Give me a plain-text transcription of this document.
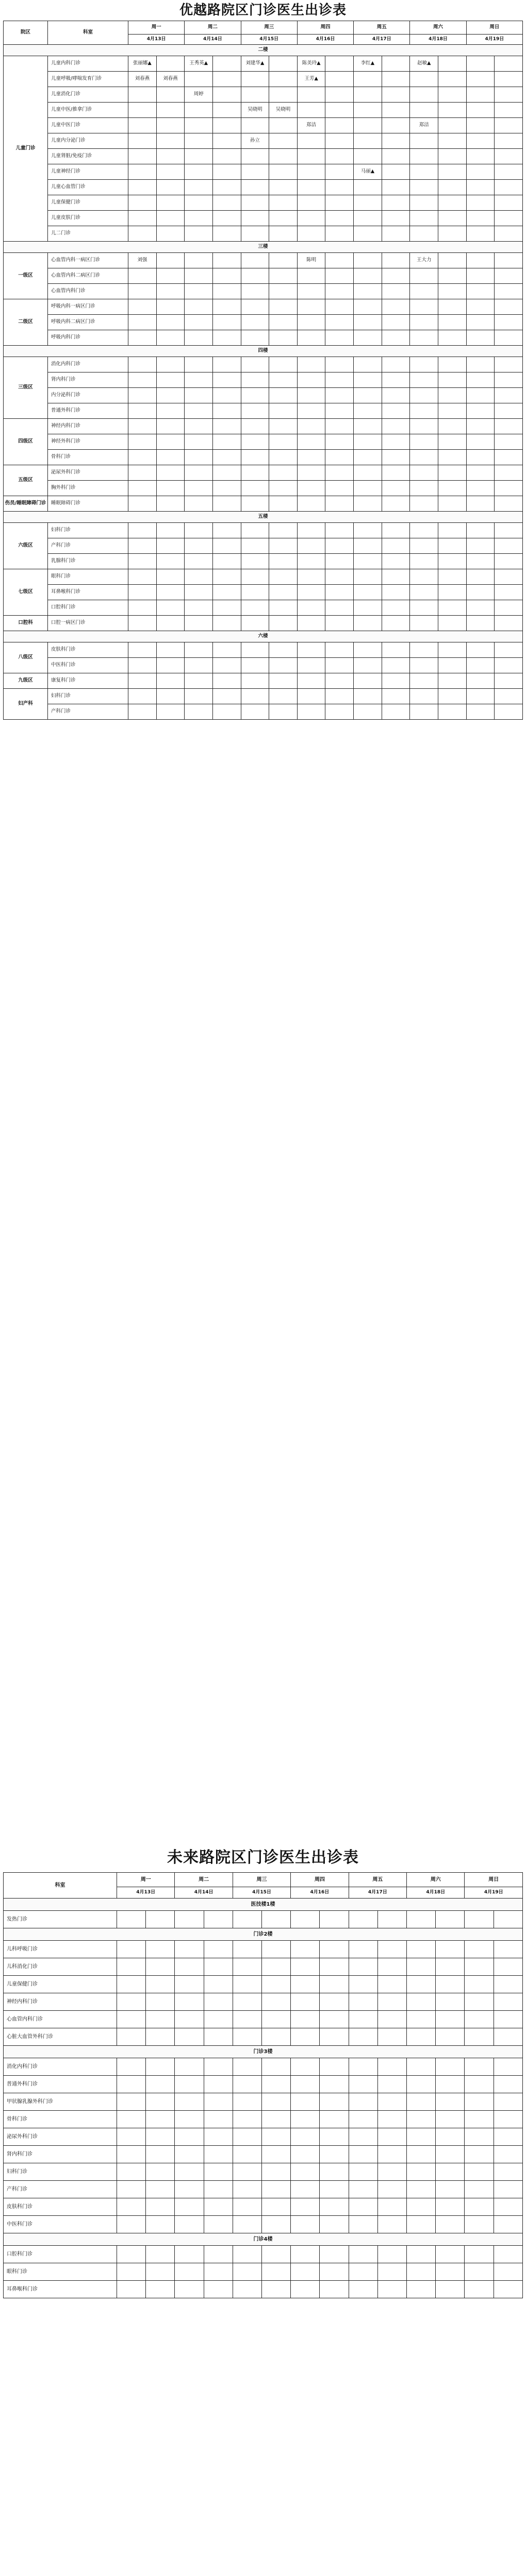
优越路院区门诊医生出诊表
院区	科室	周一		周二		周三		周四		周五		周六		周日	
		4月13日		4月14日		4月15日		4月16日		4月17日		4月18日		4月19日	
二楼															
儿童门诊	儿童内科门诊	张丽娜▲		王秀英▲		刘建华▲		陈美玲▲		李红▲		赵敏▲			
	儿童呼吸/哮喘发育门诊	刘春燕	刘春燕					王芳▲							
	儿童消化门诊			周婷											
	儿童中医/推拿门诊					吴晓明	吴晓明								
	儿童中医门诊							郑洁				郑洁			
	儿童内分泌门诊					孙立									
	儿童肾脏/免疫门诊														
	儿童神经门诊									马丽▲					
	儿童心血管门诊														
	儿童保健门诊														
	儿童皮肤门诊														
	儿二门诊														
三楼															
一级区	心血管内科一病区门诊	刘强						陈明				王大力			
	心血管内科二病区门诊														
	心血管内科门诊														
二级区	呼吸内科一病区门诊														
	呼吸内科二病区门诊														
	呼吸内科门诊														
四楼															
三级区	消化内科门诊														
	肾内科门诊														
	内分泌科门诊														
	普通外科门诊														
四级区	神经内科门诊														
	神经外科门诊														
	骨科门诊														
五级区	泌尿外科门诊														
	胸外科门诊														
伤员/睡眠障碍门诊	睡眠障碍门诊														
五楼															
六级区	妇科门诊														
	产科门诊														
	乳腺科门诊														
七级区	眼科门诊														
	耳鼻喉科门诊														
	口腔科门诊														
口腔科	口腔一病区门诊														
六楼															
八级区	皮肤科门诊														
	中医科门诊														
九级区	康复科门诊														
妇产科	妇科门诊														
	产科门诊														
未来路院区门诊医生出诊表
科室	周一		周二		周三		周四		周五		周六		周日	
	4月13日		4月14日		4月15日		4月16日		4月17日		4月18日		4月19日	
医技楼1楼														
发热门诊														
门诊2楼														
儿科呼吸门诊														
儿科消化门诊														
儿童保健门诊														
神经内科门诊														
心血管内科门诊														
心脏大血管外科门诊														
门诊3楼														
消化内科门诊														
普通外科门诊														
甲状腺乳腺外科门诊														
骨科门诊														
泌尿外科门诊														
肾内科门诊														
妇科门诊														
产科门诊														
皮肤科门诊														
中医科门诊														
门诊4楼														
口腔科门诊														
眼科门诊														
耳鼻喉科门诊														
